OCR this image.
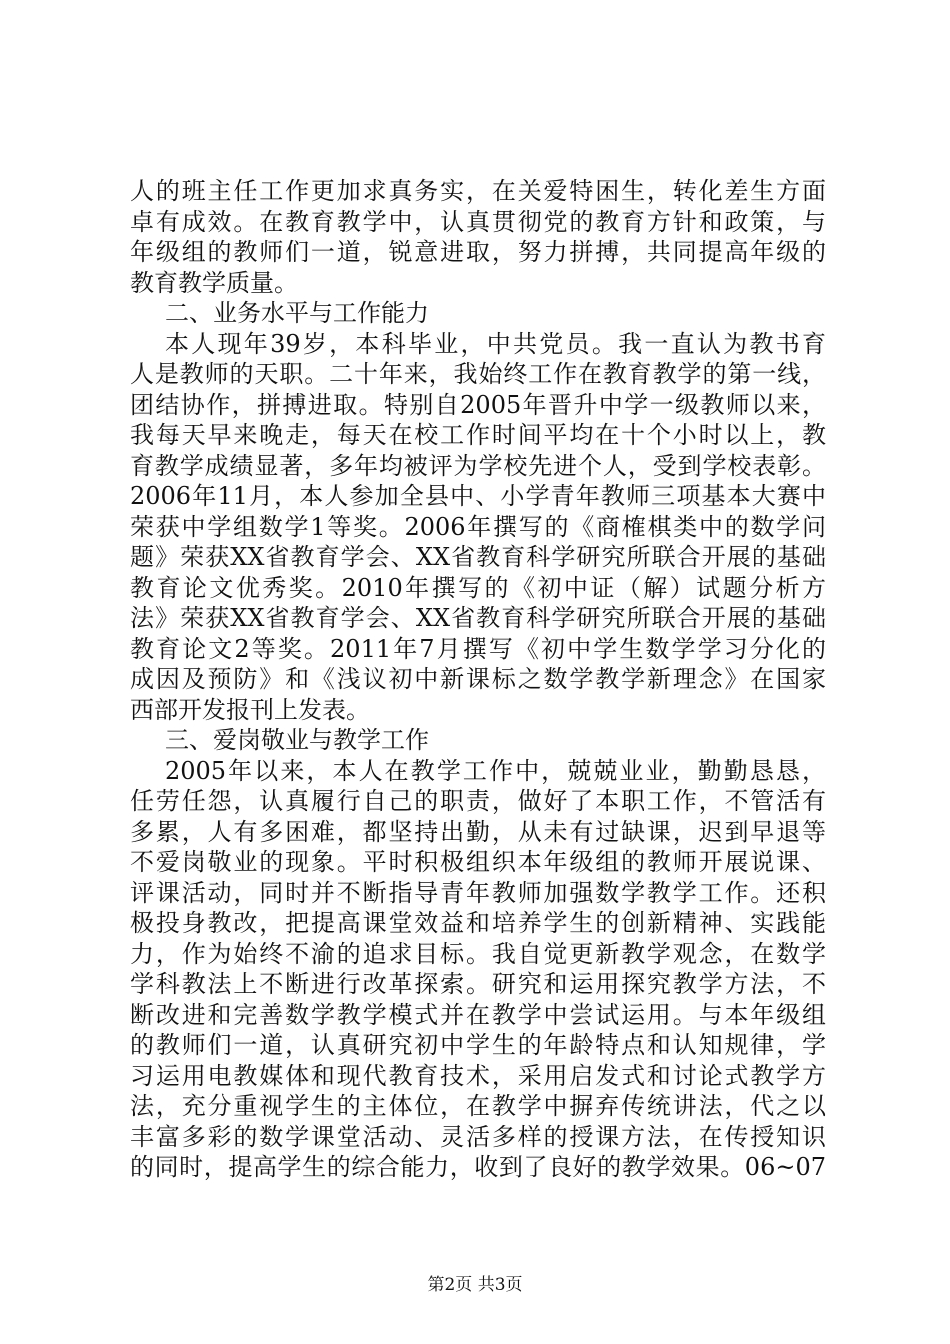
人的班主任工作更加求真务实，在关爱特困生，转化差生方面
卓有成效。在教育教学中，认真贯彻党的教育方针和政策，与
年级组的教师们一道，锐意进取，努力拼搏，共同提高年级的
教育教学质量。
二、业务水平与工作能力
本人现年39岁，本科毕业，中共党员。我一直认为教书育
人是教师的天职。二十年来，我始终工作在教育教学的第一线，
团结协作，拼搏进取。特别自2005年晋升中学一级教师以来，
我每天早来晚走，每天在校工作时间平均在十个小时以上，教
育教学成绩显著，多年均被评为学校先进个人，受到学校表彰。
2006年11月，本人参加全县中、小学青年教师三项基本大赛中
荣获中学组数学1等奖。2006年撰写的《商榷棋类中的数学问
题》荣获XX省教育学会、XX省教育科学研究所联合开展的基础
教育论文优秀奖。2010年撰写的《初中证（解）试题分析方
法》荣获XX省教育学会、XX省教育科学研究所联合开展的基础
教育论文2等奖。2011年7月撰写《初中学生数学学习分化的
成因及预防》和《浅议初中新课标之数学教学新理念》在国家
西部开发报刊上发表。
三、爱岗敬业与教学工作
2005年以来，本人在教学工作中，兢兢业业，勤勤恳恳，
任劳任怨，认真履行自己的职责，做好了本职工作，不管活有
多累，人有多困难，都坚持出勤，从未有过缺课，迟到早退等
不爱岗敬业的现象。平时积极组织本年级组的教师开展说课、
评课活动，同时并不断指导青年教师加强数学教学工作。还积
极投身教改，把提高课堂效益和培养学生的创新精神、实践能
力，作为始终不渝的追求目标。我自觉更新教学观念，在数学
学科教法上不断进行改革探索。研究和运用探究教学方法，不
断改进和完善数学教学模式并在教学中尝试运用。与本年级组
的教师们一道，认真研究初中学生的年龄特点和认知规律，学
习运用电教媒体和现代教育技术，采用启发式和讨论式教学方
法，充分重视学生的主体位，在教学中摒弃传统讲法，代之以
丰富多彩的数学课堂活动、灵活多样的授课方法，在传授知识
的同时，提高学生的综合能力，收到了良好的教学效果。06~07
第2页 共3页
